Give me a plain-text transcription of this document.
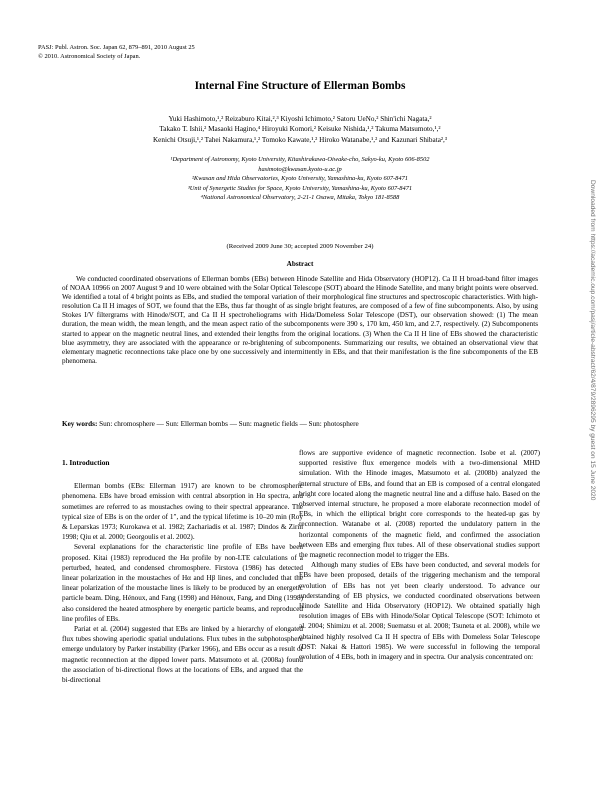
PASJ: Publ. Astron. Soc. Japan 62, 879–891, 2010 August 25
© 2010. Astronomical Society of Japan.
Internal Fine Structure of Ellerman Bombs
Yuki Hashimoto,¹,² Reizaburo Kitai,²,³ Kiyoshi Ichimoto,² Satoru UeNo,² Shin'ichi Nagata,²
Takako T. Ishii,² Masaoki Hagino,⁴ Hiroyuki Komori,² Keisuke Nishida,¹,² Takuma Matsumoto,¹,²
Kenichi Otsuji,¹,² Tahei Nakamura,¹,² Tomoko Kawate,¹,² Hiroko Watanabe,¹,² and Kazunari Shibata²,³
¹Department of Astronomy, Kyoto University, Kitashirakawa-Oiwake-cho, Sakyo-ku, Kyoto 606-8502
hasimoto@kwasan.kyoto-u.ac.jp
²Kwasan and Hida Observatories, Kyoto University, Yamashina-ku, Kyoto 607-8471
³Unit of Synergetic Studies for Space, Kyoto University, Yamashina-ku, Kyoto 607-8471
⁴National Astronomical Observatory, 2-21-1 Osawa, Mitaka, Tokyo 181-8588
(Received 2009 June 30; accepted 2009 November 24)
Abstract

We conducted coordinated observations of Ellerman bombs (EBs) between Hinode Satellite and Hida Observatory (HOP12). Ca II H broad-band filter images of NOAA 10966 on 2007 August 9 and 10 were obtained with the Solar Optical Telescope (SOT) aboard the Hinode Satellite, and many bright points were observed. We identified a total of 4 bright points as EBs, and studied the temporal variation of their morphological fine structures and spectroscopic characteristics. With high-resolution Ca II H images of SOT, we found that the EBs, thus far thought of as single bright features, are composed of a few of fine subcomponents. Also, by using Stokes I/V filtergrams with Hinode/SOT, and Ca II H spectroheliograms with Hida/Domeless Solar Telescope (DST), our observation showed: (1) The mean duration, the mean width, the mean length, and the mean aspect ratio of the subcomponents were 390 s, 170 km, 450 km, and 2.7, respectively. (2) Subcomponents started to appear on the magnetic neutral lines, and extended their lengths from the original locations. (3) When the Ca II H line of EBs showed the characteristic blue asymmetry, they are associated with the appearance or re-brightening of subcomponents. Summarizing our results, we obtained an observational view that elementary magnetic reconnections take place one by one successively and intermittently in EBs, and that their manifestation is the fine subcomponents of the EB phenomena.

Key words: Sun: chromosphere — Sun: Ellerman bombs — Sun: magnetic fields — Sun: photosphere
1. Introduction

Ellerman bombs (EBs: Ellerman 1917) are known to be chromospheric phenomena. EBs have broad emission with central absorption in Hα spectra, and sometimes are referred to as moustaches owing to their spectral appearance. The typical size of EBs is on the order of 1″, and the typical lifetime is 10–20 min (Roy & Leparskas 1973; Kurokawa et al. 1982; Zachariadis et al. 1987; Dindos & Zirin 1998; Qiu et al. 2000; Georgoulis et al. 2002).

Several explanations for the characteristic line profile of EBs have been proposed. Kitai (1983) reproduced the Hα profile by non-LTE calculations of a perturbed, heated, and condensed chromosphere. Firstova (1986) has detected linear polarization in the moustaches of Hα and Hβ lines, and concluded that the linear polarization of the moustache lines is likely to be produced by an energetic particle beam. Ding, Hénoux, and Fang (1998) and Hénoux, Fang, and Ding (1998) also considered the heated atmosphere by energetic particle beams, and reproduced line profiles of EBs.

Pariat et al. (2004) suggested that EBs are linked by a hierarchy of elongated flux tubes showing aperiodic spatial undulations. Flux tubes in the subphotosphere emerge undulatory by Parker instability (Parker 1966), and EBs occur as a result of magnetic reconnection at the dipped lower parts. Matsumoto et al. (2008a) found the association of bi-directional flows at the locations of EBs, and argued that the bi-directional

flows are supportive evidence of magnetic reconnection. Isobe et al. (2007) supported resistive flux emergence models with a two-dimensional MHD simulation. With the Hinode images, Matsumoto et al. (2008b) analyzed the internal structure of EBs, and found that an EB is composed of a central elongated bright core located along the magnetic neutral line and a diffuse halo. Based on the observed internal structure, he proposed a more elaborate reconnection model of EBs, in which the elliptical bright core corresponds to the heated-up gas by reconnection. Watanabe et al. (2008) reported the undulatory pattern in the horizontal components of the magnetic field, and confirmed the association between EBs and emerging flux tubes. All of these observational studies support the magnetic reconnection model to trigger the EBs.

Although many studies of EBs have been conducted, and several models for EBs have been proposed, details of the triggering mechanism and the temporal evolution of EBs has not yet been clearly understood. To advance our understanding of EB physics, we conducted coordinated observations between Hinode Satellite and Hida Observatory (HOP12). We obtained spatially high resolution images of EBs with Hinode/Solar Optical Telescope (SOT: Ichimoto et al. 2004; Shimizu et al. 2008; Suematsu et al. 2008; Tsuneta et al. 2008), while we obtained highly resolved Ca II H spectra of EBs with Domeless Solar Telescope (DST: Nakai & Hattori 1985). We were successful in following the temporal evolution of 4 EBs, both in imagery and in spectra. Our analysis concentrated on:

Downloaded from https://academic.oup.com/pasj/article-abstract/62/4/879/2896295 by guest on 15 June 2020
